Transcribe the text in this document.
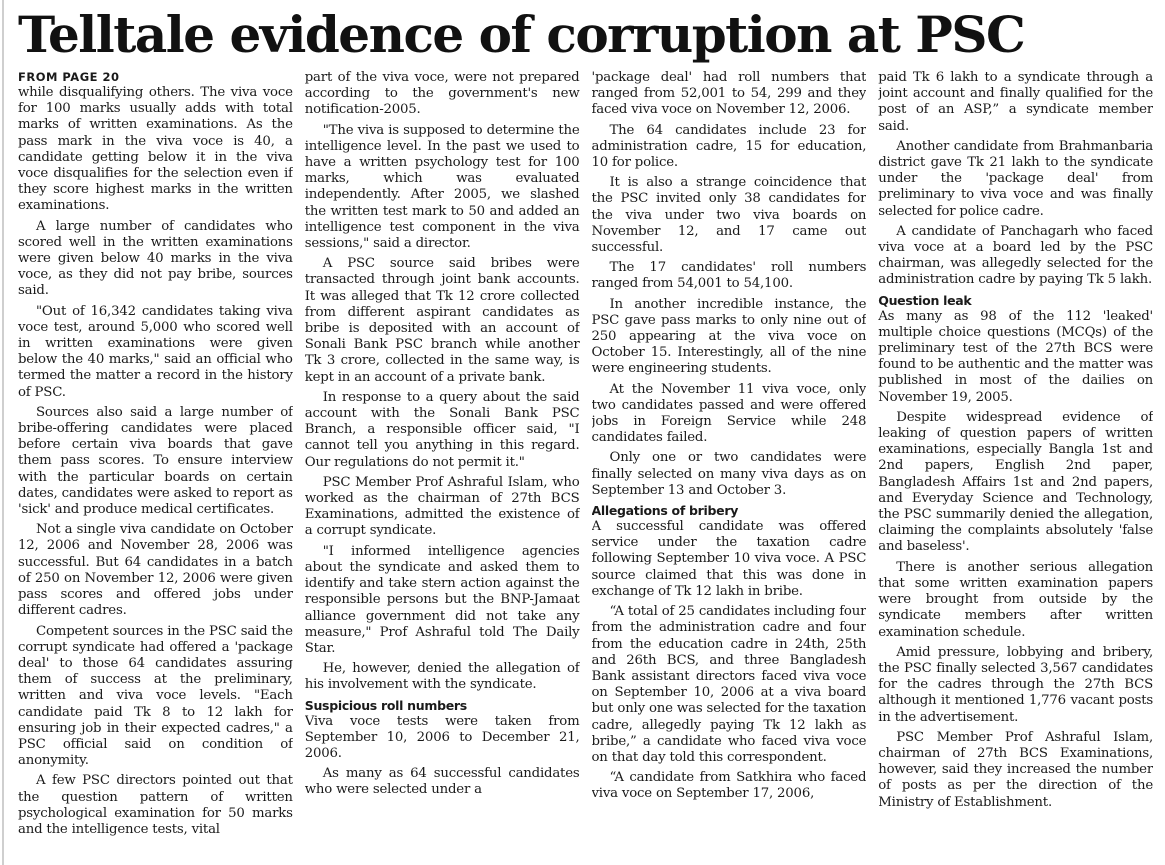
Telltale evidence of corruption at PSC
FROM PAGE 20

while disqualifying others. The viva voce for 100 marks usually adds with total marks of written examinations. As the pass mark in the viva voce is 40, a candidate getting below it in the viva voce disqualifies for the selection even if they score highest marks in the written examinations.

A large number of candidates who scored well in the written examinations were given below 40 marks in the viva voce, as they did not pay bribe, sources said.

"Out of 16,342 candidates taking viva voce test, around 5,000 who scored well in written examinations were given below the 40 marks," said an official who termed the matter a record in the history of PSC.

Sources also said a large number of bribe-offering candidates were placed before certain viva boards that gave them pass scores. To ensure interview with the particular boards on certain dates, candidates were asked to report as 'sick' and produce medical certificates.

Not a single viva candidate on October 12, 2006 and November 28, 2006 was successful. But 64 candidates in a batch of 250 on November 12, 2006 were given pass scores and offered jobs under different cadres.

Competent sources in the PSC said the corrupt syndicate had offered a 'package deal' to those 64 candidates assuring them of success at the preliminary, written and viva voce levels. "Each candidate paid Tk 8 to 12 lakh for ensuring job in their expected cadres," a PSC official said on condition of anonymity.

A few PSC directors pointed out that the question pattern of written psychological examination for 50 marks and the intelligence tests, vital

part of the viva voce, were not prepared according to the government's new notification-2005.

"The viva is supposed to determine the intelligence level. In the past we used to have a written psychology test for 100 marks, which was evaluated independently. After 2005, we slashed the written test mark to 50 and added an intelligence test component in the viva sessions," said a director.

A PSC source said bribes were transacted through joint bank accounts. It was alleged that Tk 12 crore collected from different aspirant candidates as bribe is deposited with an account of Sonali Bank PSC branch while another Tk 3 crore, collected in the same way, is kept in an account of a private bank.

In response to a query about the said account with the Sonali Bank PSC Branch, a responsible officer said, "I cannot tell you anything in this regard. Our regulations do not permit it."

PSC Member Prof Ashraful Islam, who worked as the chairman of 27th BCS Examinations, admitted the existence of a corrupt syndicate.

"I informed intelligence agencies about the syndicate and asked them to identify and take stern action against the responsible persons but the BNP-Jamaat alliance government did not take any measure," Prof Ashraful told The Daily Star.

He, however, denied the allegation of his involvement with the syndicate.

Suspicious roll numbers

Viva voce tests were taken from September 10, 2006 to December 21, 2006.

As many as 64 successful candidates who were selected under a

'package deal' had roll numbers that ranged from 52,001 to 54, 299 and they faced viva voce on November 12, 2006.

The 64 candidates include 23 for administration cadre, 15 for education, 10 for police.

It is also a strange coincidence that the PSC invited only 38 candidates for the viva under two viva boards on November 12, and 17 came out successful.

The 17 candidates' roll numbers ranged from 54,001 to 54,100.

In another incredible instance, the PSC gave pass marks to only nine out of 250 appearing at the viva voce on October 15. Interestingly, all of the nine were engineering students.

At the November 11 viva voce, only two candidates passed and were offered jobs in Foreign Service while 248 candidates failed.

Only one or two candidates were finally selected on many viva days as on September 13 and October 3.

Allegations of bribery

A successful candidate was offered service under the taxation cadre following September 10 viva voce. A PSC source claimed that this was done in exchange of Tk 12 lakh in bribe.

“A total of 25 candidates including four from the administration cadre and four from the education cadre in 24th, 25th and 26th BCS, and three Bangladesh Bank assistant directors faced viva voce on September 10, 2006 at a viva board but only one was selected for the taxation cadre, allegedly paying Tk 12 lakh as bribe,” a candidate who faced viva voce on that day told this correspondent.

“A candidate from Satkhira who faced viva voce on September 17, 2006,

paid Tk 6 lakh to a syndicate through a joint account and finally qualified for the post of an ASP,” a syndicate member said.

Another candidate from Brahmanbaria district gave Tk 21 lakh to the syndicate under the 'package deal' from preliminary to viva voce and was finally selected for police cadre.

A candidate of Panchagarh who faced viva voce at a board led by the PSC chairman, was allegedly selected for the administration cadre by paying Tk 5 lakh.

Question leak

As many as 98 of the 112 'leaked' multiple choice questions (MCQs) of the preliminary test of the 27th BCS were found to be authentic and the matter was published in most of the dailies on November 19, 2005.

Despite widespread evidence of leaking of question papers of written examinations, especially Bangla 1st and 2nd papers, English 2nd paper, Bangladesh Affairs 1st and 2nd papers, and Everyday Science and Technology, the PSC summarily denied the allegation, claiming the complaints absolutely 'false and baseless'.

There is another serious allegation that some written examination papers were brought from outside by the syndicate members after written examination schedule.

Amid pressure, lobbying and bribery, the PSC finally selected 3,567 candidates for the cadres through the 27th BCS although it mentioned 1,776 vacant posts in the advertisement.

PSC Member Prof Ashraful Islam, chairman of 27th BCS Examinations, however, said they increased the number of posts as per the direction of the Ministry of Establishment.
